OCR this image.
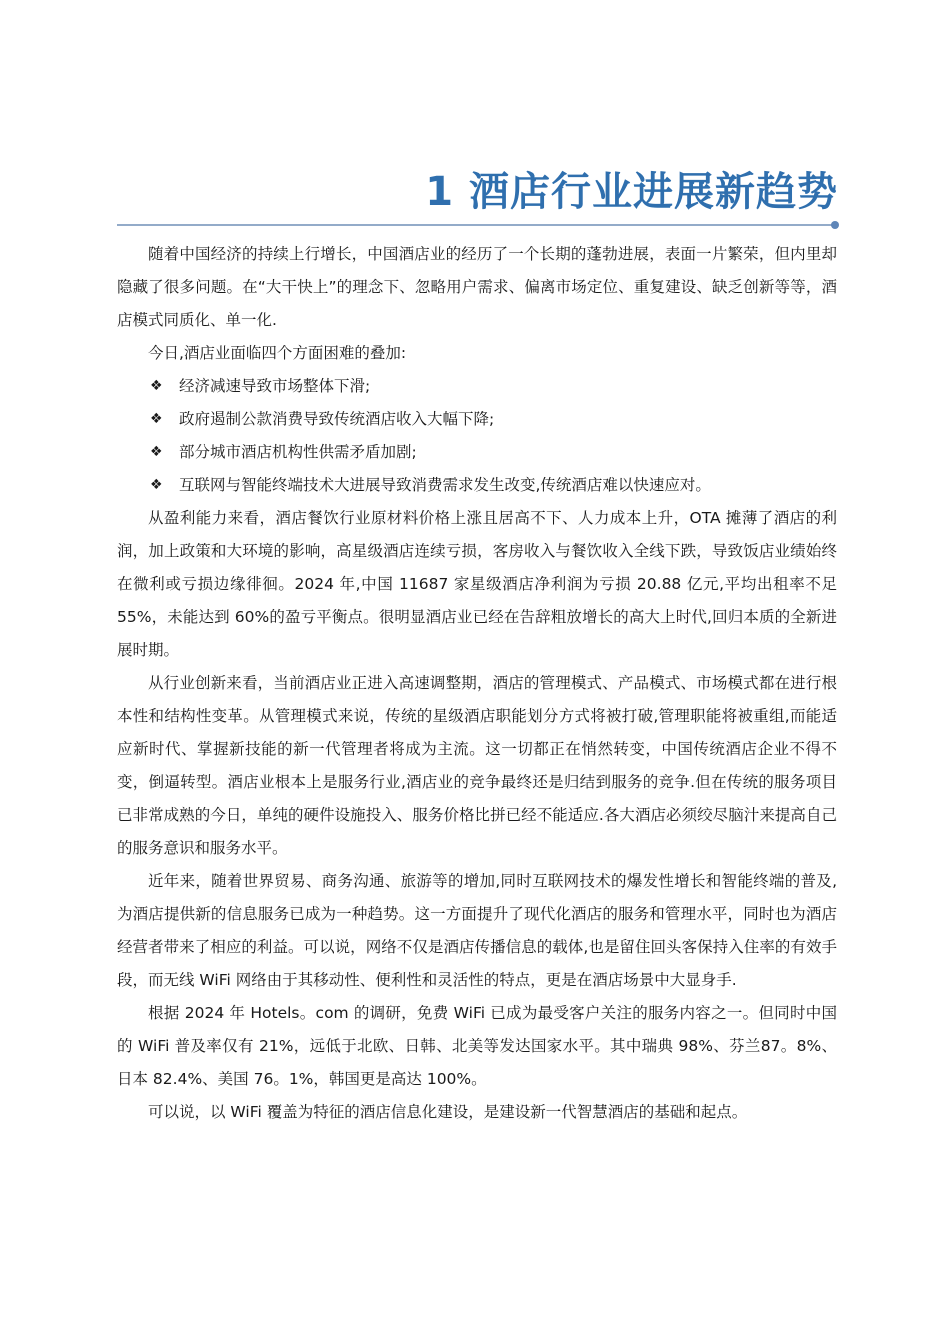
1 酒店行业进展新趋势

随着中国经济的持续上行增长，中国酒店业的经历了一个长期的蓬勃进展，表面一片繁荣，但内里却隐藏了很多问题。在“大干快上”的理念下、忽略用户需求、偏离市场定位、重复建设、缺乏创新等等，酒店模式同质化、单一化.

今日,酒店业面临四个方面困难的叠加:

❖ 经济减速导致市场整体下滑;
❖ 政府遏制公款消费导致传统酒店收入大幅下降;
❖ 部分城市酒店机构性供需矛盾加剧;
❖ 互联网与智能终端技术大进展导致消费需求发生改变,传统酒店难以快速应对。

从盈利能力来看，酒店餐饮行业原材料价格上涨且居高不下、人力成本上升，OTA 摊薄了酒店的利润，加上政策和大环境的影响，高星级酒店连续亏损，客房收入与餐饮收入全线下跌，导致饭店业绩始终在微利或亏损边缘徘徊。2024 年,中国 11687 家星级酒店净利润为亏损 20.88 亿元,平均出租率不足 55%，未能达到 60%的盈亏平衡点。很明显酒店业已经在告辞粗放增长的高大上时代,回归本质的全新进展时期。

从行业创新来看，当前酒店业正进入高速调整期，酒店的管理模式、产品模式、市场模式都在进行根本性和结构性变革。从管理模式来说，传统的星级酒店职能划分方式将被打破,管理职能将被重组,而能适应新时代、掌握新技能的新一代管理者将成为主流。这一切都正在悄然转变，中国传统酒店企业不得不变，倒逼转型。酒店业根本上是服务行业,酒店业的竞争最终还是归结到服务的竞争.但在传统的服务项目已非常成熟的今日，单纯的硬件设施投入、服务价格比拼已经不能适应.各大酒店必须绞尽脑汁来提高自己的服务意识和服务水平。

近年来，随着世界贸易、商务沟通、旅游等的增加,同时互联网技术的爆发性增长和智能终端的普及,为酒店提供新的信息服务已成为一种趋势。这一方面提升了现代化酒店的服务和管理水平，同时也为酒店经营者带来了相应的利益。可以说，网络不仅是酒店传播信息的载体,也是留住回头客保持入住率的有效手段，而无线 WiFi 网络由于其移动性、便利性和灵活性的特点，更是在酒店场景中大显身手.

根据 2024 年 Hotels。com 的调研，免费 WiFi 已成为最受客户关注的服务内容之一。但同时中国的 WiFi 普及率仅有 21%，远低于北欧、日韩、北美等发达国家水平。其中瑞典 98%、芬兰87。8%、日本 82.4%、美国 76。1%，韩国更是高达 100%。

可以说，以 WiFi 覆盖为特征的酒店信息化建设，是建设新一代智慧酒店的基础和起点。
